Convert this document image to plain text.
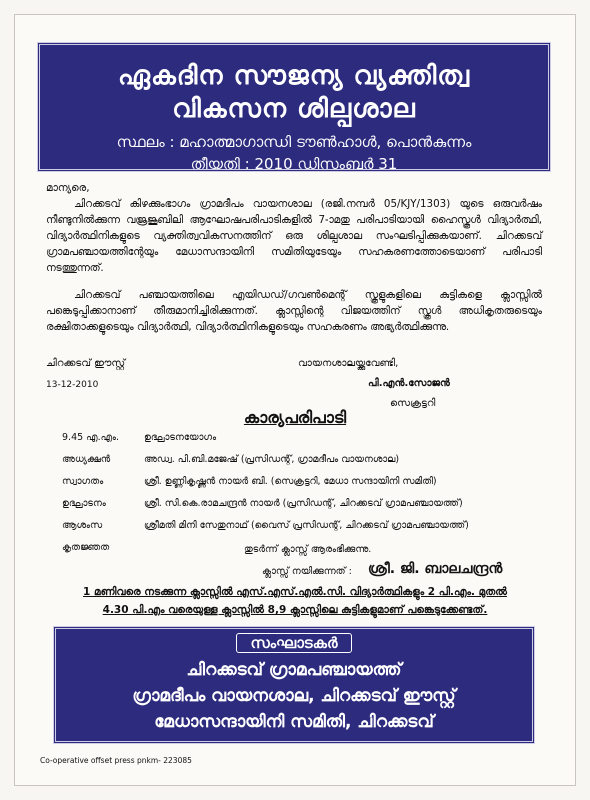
ഏകദിന സൗജന്യ വ്യക്തിത്വ
വികസന ശില്പശാല
സ്ഥലം : മഹാത്മാഗാന്ധി ടൗൺഹാൾ, പൊൻകുന്നം
തീയതി : 2010 ഡിസംബർ 31
മാന്യരെ,
ചിറക്കടവ് കിഴക്കുംഭാഗം ഗ്രാമദീപം വായനശാല (രജി.നമ്പർ 05/KJY/1303) യുടെ ഒരുവർഷം നീണ്ടുനിൽക്കുന്ന വജ്രജൂബിലി ആഘോഷപരിപാടികളിൽ 7-ാമതു പരിപാടിയായി ഹൈസ്കൂൾ വിദ്യാർത്ഥി, വിദ്യാർത്ഥിനികളുടെ വ്യക്തിത്വവികസനത്തിന് ഒരു ശില്പശാല സംഘടിപ്പിക്കുകയാണ്. ചിറക്കടവ് ഗ്രാമപഞ്ചായത്തിന്റേയും മേധാസന്ദായിനി സമിതിയുടേയും സഹകരണത്തോടെയാണ് പരിപാടി നടത്തുന്നത്.
ചിറക്കടവ് പഞ്ചായത്തിലെ എയിഡഡ്/ഗവൺമെന്റ് സ്കൂളുകളിലെ കുട്ടികളെ ക്ലാസ്സിൽ പങ്കെടുപ്പിക്കാനാണ് തീരുമാനിച്ചിരിക്കുന്നത്. ക്ലാസ്സിന്റെ വിജയത്തിന് സ്കൂൾ അധികൃതരുടെയും രക്ഷിതാക്കളുടെയും വിദ്യാർത്ഥി, വിദ്യാർത്ഥിനികളുടെയും സഹകരണം അഭ്യർത്ഥിക്കുന്നു.
ചിറക്കടവ് ഈസ്റ്റ്
13-12-2010
വായനശാലയ്ക്കുവേണ്ടി,
പി.എൻ.സോജൻ
സെക്രട്ടറി
കാര്യപരിപാടി
9.45 എ.എം.	ഉദ്ഘാടനയോഗം
അധ്യക്ഷൻ	അഡ്വ. പി.ബി.മജേഷ് (പ്രസിഡന്റ്, ഗ്രാമദീപം വായനശാല)
സ്വാഗതം	ശ്രീ. ഉണ്ണികൃഷ്ണൻ നായർ ബി. (സെക്രട്ടറി, മേധാ സന്ദായിനി സമിതി)
ഉദ്ഘാടനം	ശ്രീ. സി.കെ.രാമചന്ദ്രൻ നായർ (പ്രസിഡന്റ്, ചിറക്കടവ് ഗ്രാമപഞ്ചായത്ത്)
ആശംസ	ശ്രീമതി മിനി സേതുനാഥ് (വൈസ് പ്രസിഡന്റ്, ചിറക്കടവ് ഗ്രാമപഞ്ചായത്ത്)
കൃതജ്ഞത	തുടർന്ന് ക്ലാസ്സ് ആരംഭിക്കുന്നു.
ക്ലാസ്സ് നയിക്കുന്നത് : ശ്രീ. ജി. ബാലചന്ദ്രൻ
1 മണിവരെ നടക്കുന്ന ക്ലാസ്സിൽ എസ്.എസ്.എൽ.സി. വിദ്യാർത്ഥികളും 2 പി.എം. മുതൽ
4.30 പി.എം വരെയുള്ള ക്ലാസ്സിൽ 8,9 ക്ലാസ്സിലെ കുട്ടികളുമാണ് പങ്കെടുക്കേണ്ടത്.
സംഘാടകർ
ചിറക്കടവ് ഗ്രാമപഞ്ചായത്ത്
ഗ്രാമദീപം വായനശാല, ചിറക്കടവ് ഈസ്റ്റ്
മേധാസന്ദായിനി സമിതി, ചിറക്കടവ്
Co-operative offset press pnkm- 223085
